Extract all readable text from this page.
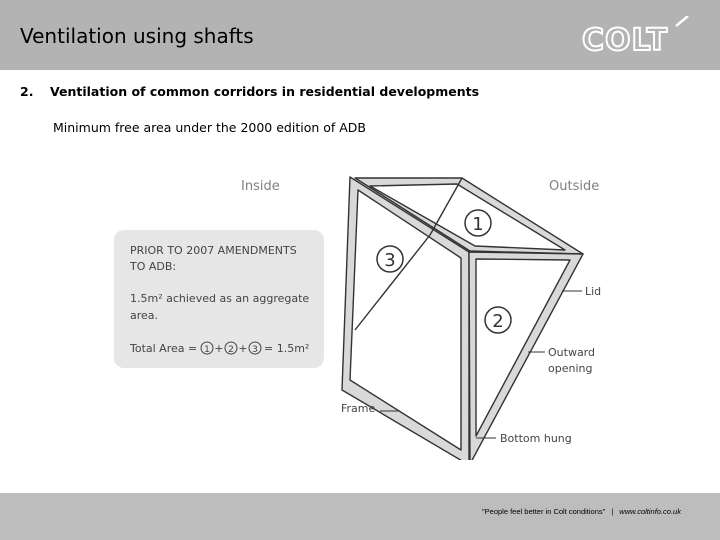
Ventilation using shafts	COLT
2. Ventilation of common corridors in residential developments
Minimum free area under the 2000 edition of ADB
Inside	Outside
PRIOR TO 2007 AMENDMENTS
TO ADB:
1.5m² achieved as an aggregate
area.
Total Area = 1 + 2 + 3 = 1.5m²
1
3
2
Lid
Outward
opening
Frame
Bottom hung
"People feel better in Colt conditions" | www.coltinfo.co.uk
